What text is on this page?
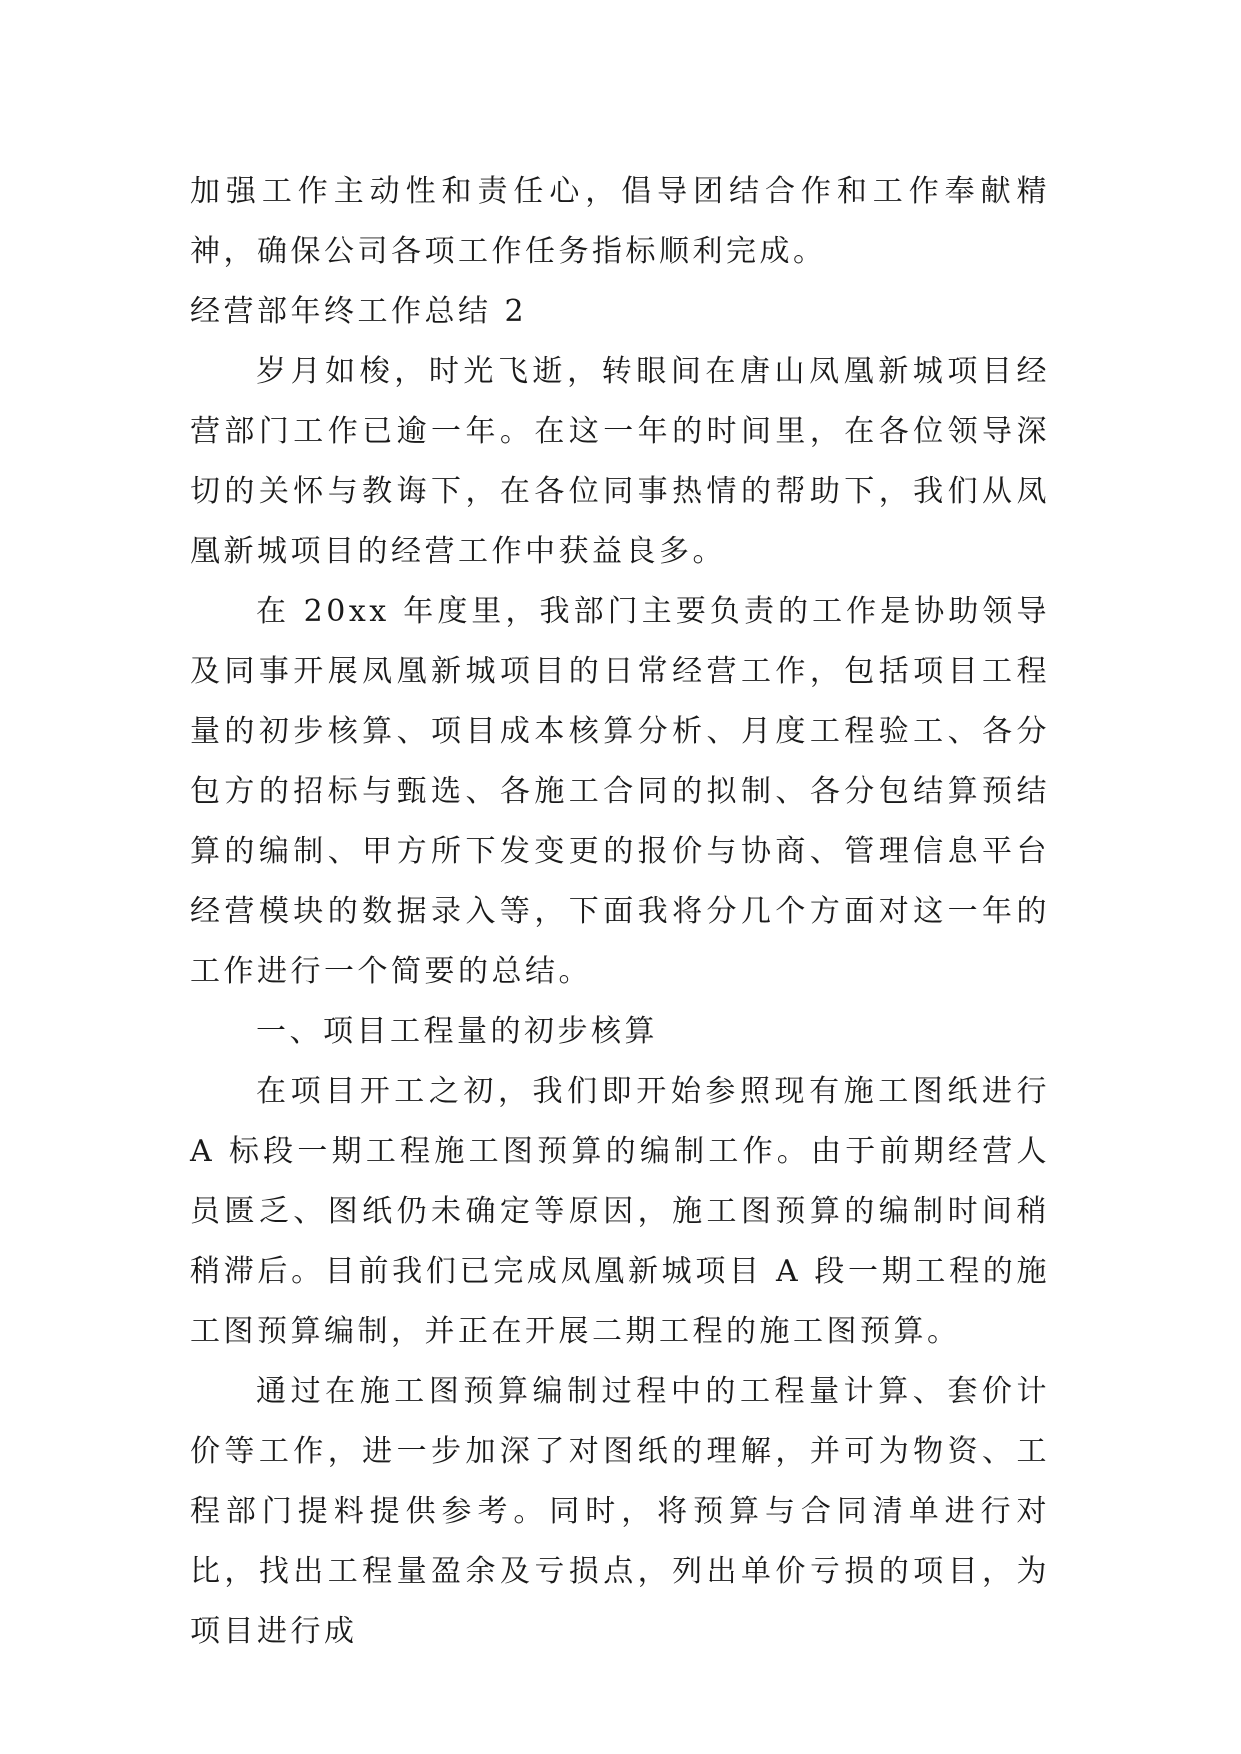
加强工作主动性和责任心，倡导团结合作和工作奉献精神，确保公司各项工作任务指标顺利完成。

经营部年终工作总结 2

岁月如梭，时光飞逝，转眼间在唐山凤凰新城项目经营部门工作已逾一年。在这一年的时间里，在各位领导深切的关怀与教诲下，在各位同事热情的帮助下，我们从凤凰新城项目的经营工作中获益良多。

在 20xx 年度里，我部门主要负责的工作是协助领导及同事开展凤凰新城项目的日常经营工作，包括项目工程量的初步核算、项目成本核算分析、月度工程验工、各分包方的招标与甄选、各施工合同的拟制、各分包结算预结算的编制、甲方所下发变更的报价与协商、管理信息平台经营模块的数据录入等，下面我将分几个方面对这一年的工作进行一个简要的总结。

一、项目工程量的初步核算

在项目开工之初，我们即开始参照现有施工图纸进行 A 标段一期工程施工图预算的编制工作。由于前期经营人员匮乏、图纸仍未确定等原因，施工图预算的编制时间稍稍滞后。目前我们已完成凤凰新城项目 A 段一期工程的施工图预算编制，并正在开展二期工程的施工图预算。

通过在施工图预算编制过程中的工程量计算、套价计价等工作，进一步加深了对图纸的理解，并可为物资、工程部门提料提供参考。同时，将预算与合同清单进行对比，找出工程量盈余及亏损点，列出单价亏损的项目，为项目进行成
